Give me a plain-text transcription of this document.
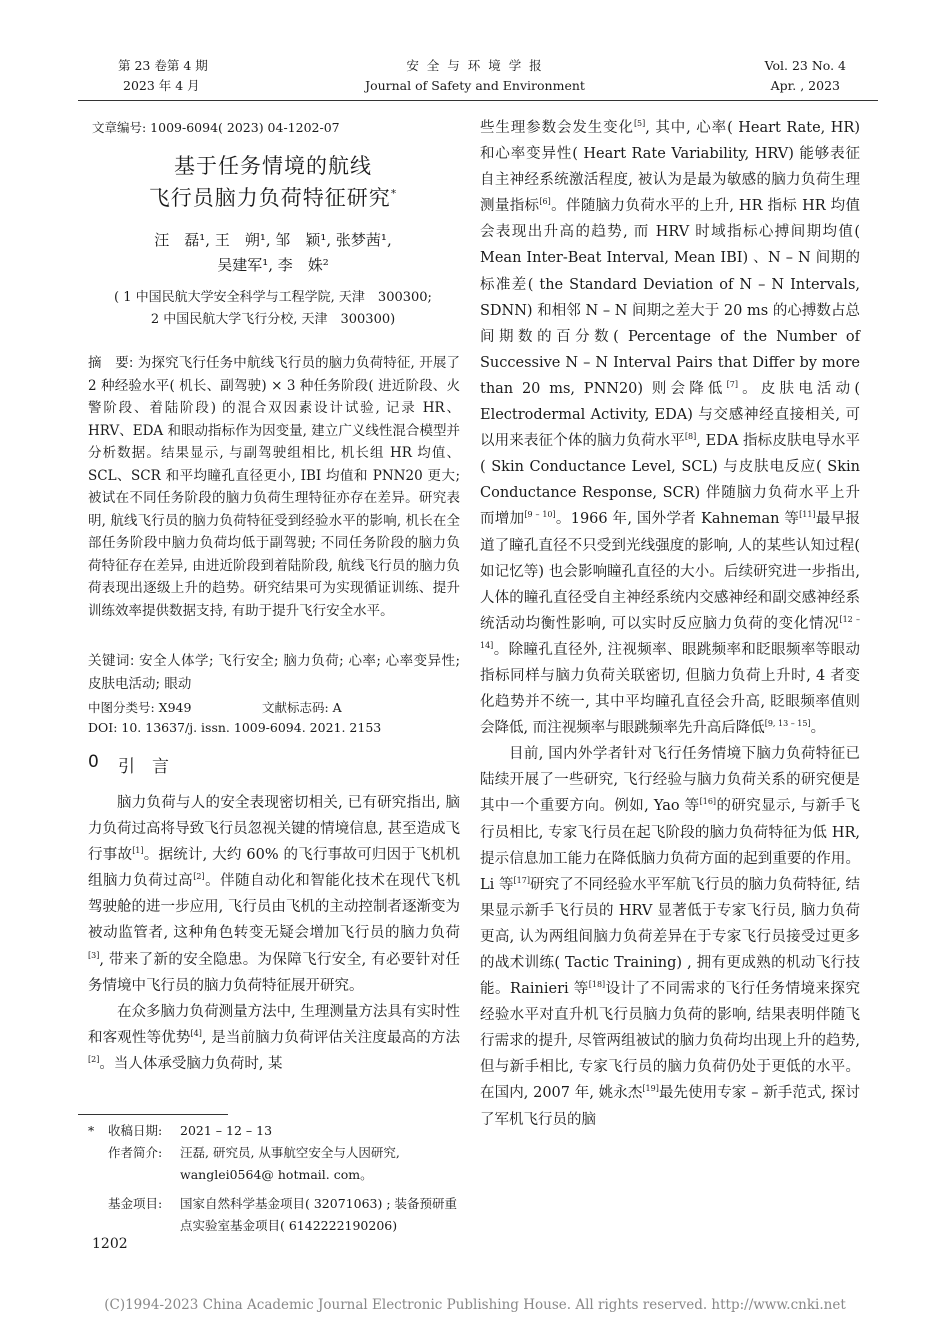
第 23 卷第 4 期
2023 年 4 月
安 全 与 环 境 学 报
Journal of Safety and Environment
Vol. 23 No. 4
Apr. , 2023
文章编号: 1009-6094( 2023) 04-1202-07
基于任务情境的航线
飞行员脑力负荷特征研究*
汪　磊¹, 王　朔¹, 邹　颖¹, 张梦茜¹,
吴建军¹, 李　姝²
( 1 中国民航大学安全科学与工程学院, 天津　300300;
2 中国民航大学飞行分校, 天津　300300)
摘　要: 为探究飞行任务中航线飞行员的脑力负荷特征, 开展了 2 种经验水平( 机长、副驾驶) × 3 种任务阶段( 进近阶段、火警阶段、着陆阶段) 的混合双因素设计试验, 记录 HR、HRV、EDA 和眼动指标作为因变量, 建立广义线性混合模型并分析数据。结果显示, 与副驾驶组相比, 机长组 HR 均值、SCL、SCR 和平均瞳孔直径更小, IBI 均值和 PNN20 更大; 被试在不同任务阶段的脑力负荷生理特征亦存在差异。研究表明, 航线飞行员的脑力负荷特征受到经验水平的影响, 机长在全部任务阶段中脑力负荷均低于副驾驶; 不同任务阶段的脑力负荷特征存在差异, 由进近阶段到着陆阶段, 航线飞行员的脑力负荷表现出逐级上升的趋势。研究结果可为实现循证训练、提升训练效率提供数据支持, 有助于提升飞行安全水平。
关键词: 安全人体学; 飞行安全; 脑力负荷; 心率; 心率变异性; 皮肤电活动; 眼动
中图分类号: X949	文献标志码: A
DOI: 10. 13637/j. issn. 1009-6094. 2021. 2153
0 引　言

脑力负荷与人的安全表现密切相关, 已有研究指出, 脑力负荷过高将导致飞行员忽视关键的情境信息, 甚至造成飞行事故[1]。据统计, 大约 60% 的飞行事故可归因于飞机机组脑力负荷过高[2]。伴随自动化和智能化技术在现代飞机驾驶舱的进一步应用, 飞行员由飞机的主动控制者逐渐变为被动监管者, 这种角色转变无疑会增加飞行员的脑力负荷[3], 带来了新的安全隐患。为保障飞行安全, 有必要针对任务情境中飞行员的脑力负荷特征展开研究。

在众多脑力负荷测量方法中, 生理测量方法具有实时性和客观性等优势[4], 是当前脑力负荷评估关注度最高的方法[2]。当人体承受脑力负荷时, 某

* 收稿日期: 2021 – 12 – 13
作者简介: 汪磊, 研究员, 从事航空安全与人因研究, wanglei0564@ hotmail. com。
基金项目: 国家自然科学基金项目( 32071063) ; 装备预研重点实验室基金项目( 6142222190206)
1202

些生理参数会发生变化[5], 其中, 心率( Heart Rate, HR) 和心率变异性( Heart Rate Variability, HRV) 能够表征自主神经系统激活程度, 被认为是最为敏感的脑力负荷生理测量指标[6]。伴随脑力负荷水平的上升, HR 指标 HR 均值会表现出升高的趋势, 而 HRV 时域指标心搏间期均值( Mean Inter-Beat Interval, Mean IBI) 、N – N 间期的标准差( the Standard Deviation of N – N Intervals, SDNN) 和相邻 N – N 间期之差大于 20 ms 的心搏数占总间期数的百分数( Percentage of the Number of Successive N – N Interval Pairs that Differ by more than 20 ms, PNN20) 则会降低[7]。皮肤电活动( Electrodermal Activity, EDA) 与交感神经直接相关, 可以用来表征个体的脑力负荷水平[8], EDA 指标皮肤电导水平( Skin Conductance Level, SCL) 与皮肤电反应( Skin Conductance Response, SCR) 伴随脑力负荷水平上升而增加[9 – 10]。1966 年, 国外学者 Kahneman 等[11]最早报道了瞳孔直径不只受到光线强度的影响, 人的某些认知过程( 如记忆等) 也会影响瞳孔直径的大小。后续研究进一步指出, 人体的瞳孔直径受自主神经系统内交感神经和副交感神经系统活动均衡性影响, 可以实时反应脑力负荷的变化情况[12 – 14]。除瞳孔直径外, 注视频率、眼跳频率和眨眼频率等眼动指标同样与脑力负荷关联密切, 但脑力负荷上升时, 4 者变化趋势并不统一, 其中平均瞳孔直径会升高, 眨眼频率值则会降低, 而注视频率与眼跳频率先升高后降低[9, 13 – 15]。

目前, 国内外学者针对飞行任务情境下脑力负荷特征已陆续开展了一些研究, 飞行经验与脑力负荷关系的研究便是其中一个重要方向。例如, Yao 等[16]的研究显示, 与新手飞行员相比, 专家飞行员在起飞阶段的脑力负荷特征为低 HR, 提示信息加工能力在降低脑力负荷方面的起到重要的作用。Li 等[17]研究了不同经验水平军航飞行员的脑力负荷特征, 结果显示新手飞行员的 HRV 显著低于专家飞行员, 脑力负荷更高, 认为两组间脑力负荷差异在于专家飞行员接受过更多的战术训练( Tactic Training) , 拥有更成熟的机动飞行技能。Rainieri 等[18]设计了不同需求的飞行任务情境来探究经验水平对直升机飞行员脑力负荷的影响, 结果表明伴随飞行需求的提升, 尽管两组被试的脑力负荷均出现上升的趋势, 但与新手相比, 专家飞行员的脑力负荷仍处于更低的水平。在国内, 2007 年, 姚永杰[19]最先使用专家 – 新手范式, 探讨了军机飞行员的脑

(C)1994-2023 China Academic Journal Electronic Publishing House. All rights reserved. http://www.cnki.net
